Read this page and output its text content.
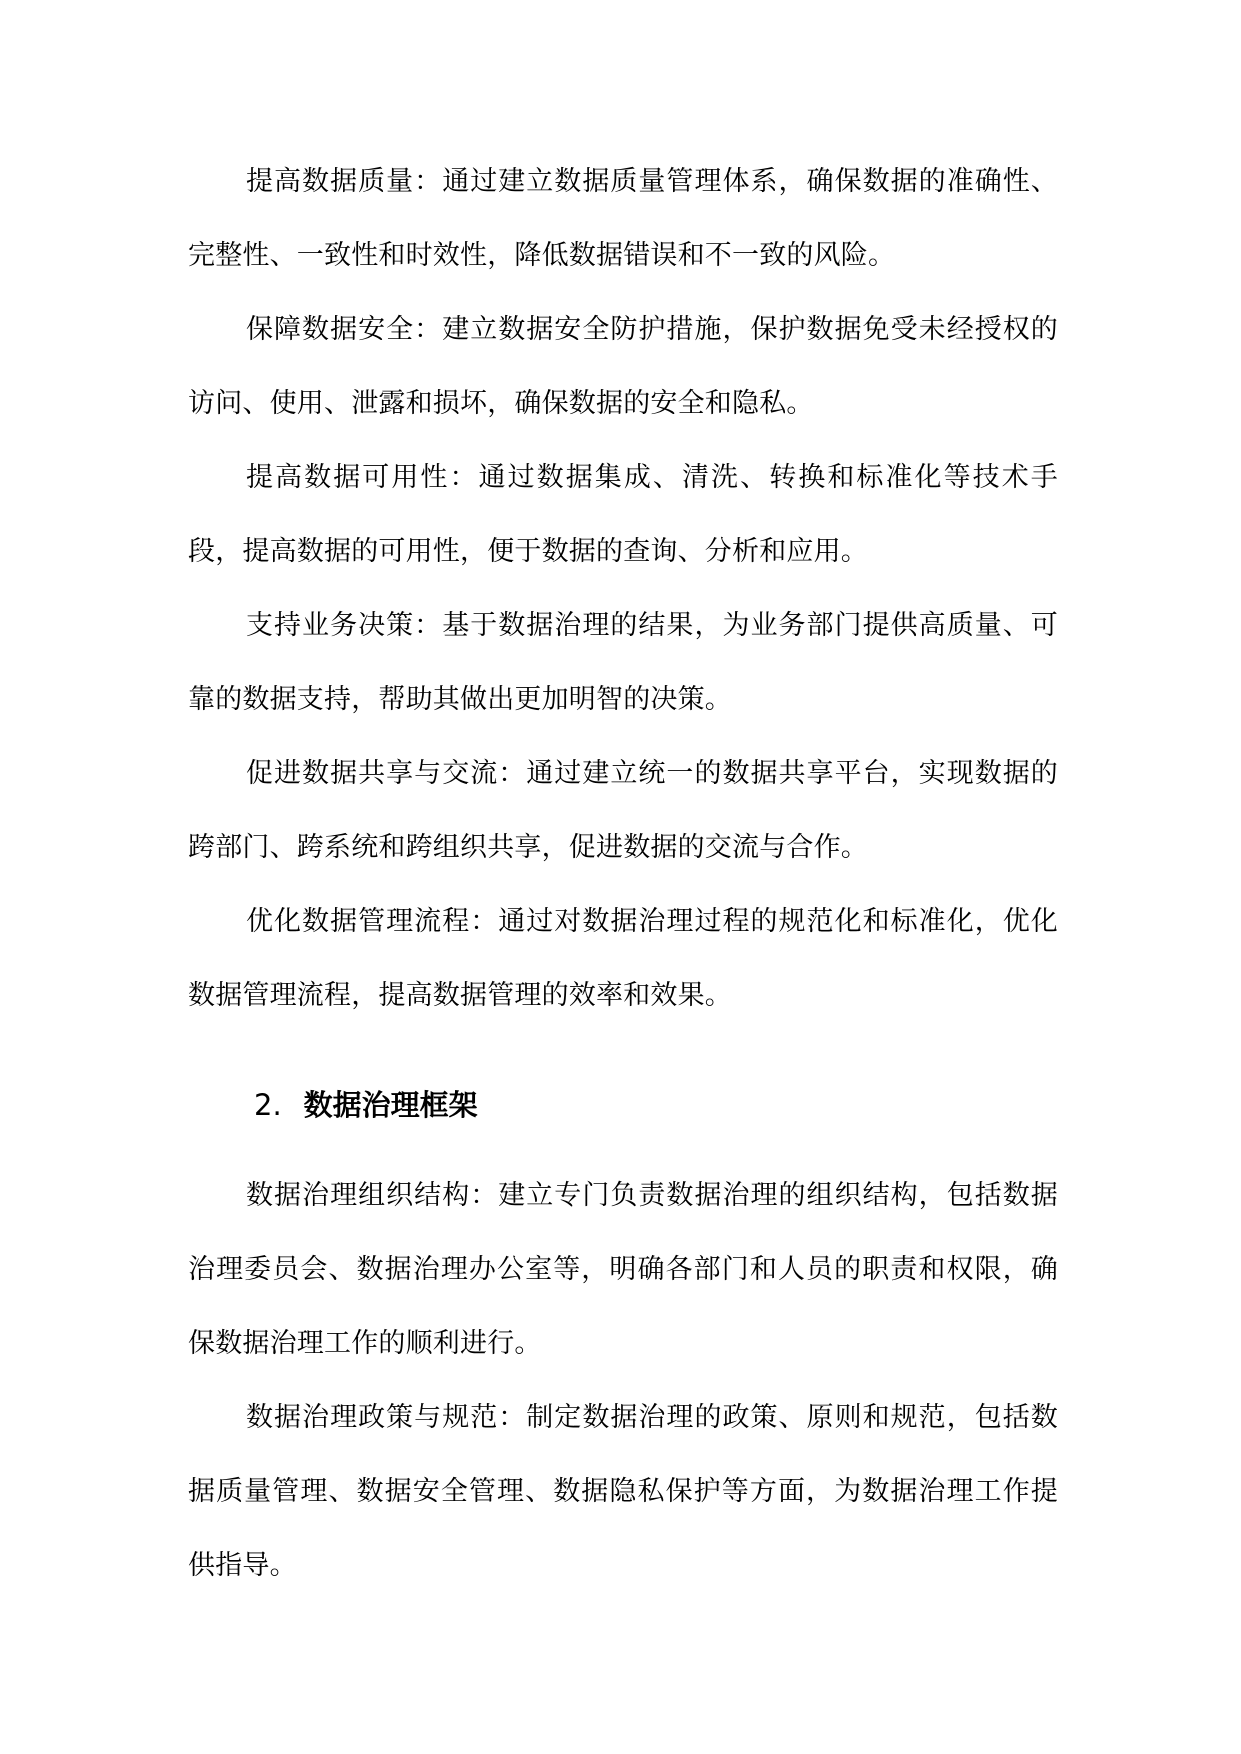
提高数据质量：通过建立数据质量管理体系，确保数据的准确性、完整性、一致性和时效性，降低数据错误和不一致的风险。

保障数据安全：建立数据安全防护措施，保护数据免受未经授权的访问、使用、泄露和损坏，确保数据的安全和隐私。

提高数据可用性：通过数据集成、清洗、转换和标准化等技术手段，提高数据的可用性，便于数据的查询、分析和应用。

支持业务决策：基于数据治理的结果，为业务部门提供高质量、可靠的数据支持，帮助其做出更加明智的决策。

促进数据共享与交流：通过建立统一的数据共享平台，实现数据的跨部门、跨系统和跨组织共享，促进数据的交流与合作。

优化数据管理流程：通过对数据治理过程的规范化和标准化，优化数据管理流程，提高数据管理的效率和效果。

2. 数据治理框架

数据治理组织结构：建立专门负责数据治理的组织结构，包括数据治理委员会、数据治理办公室等，明确各部门和人员的职责和权限，确保数据治理工作的顺利进行。

数据治理政策与规范：制定数据治理的政策、原则和规范，包括数据质量管理、数据安全管理、数据隐私保护等方面，为数据治理工作提供指导。
